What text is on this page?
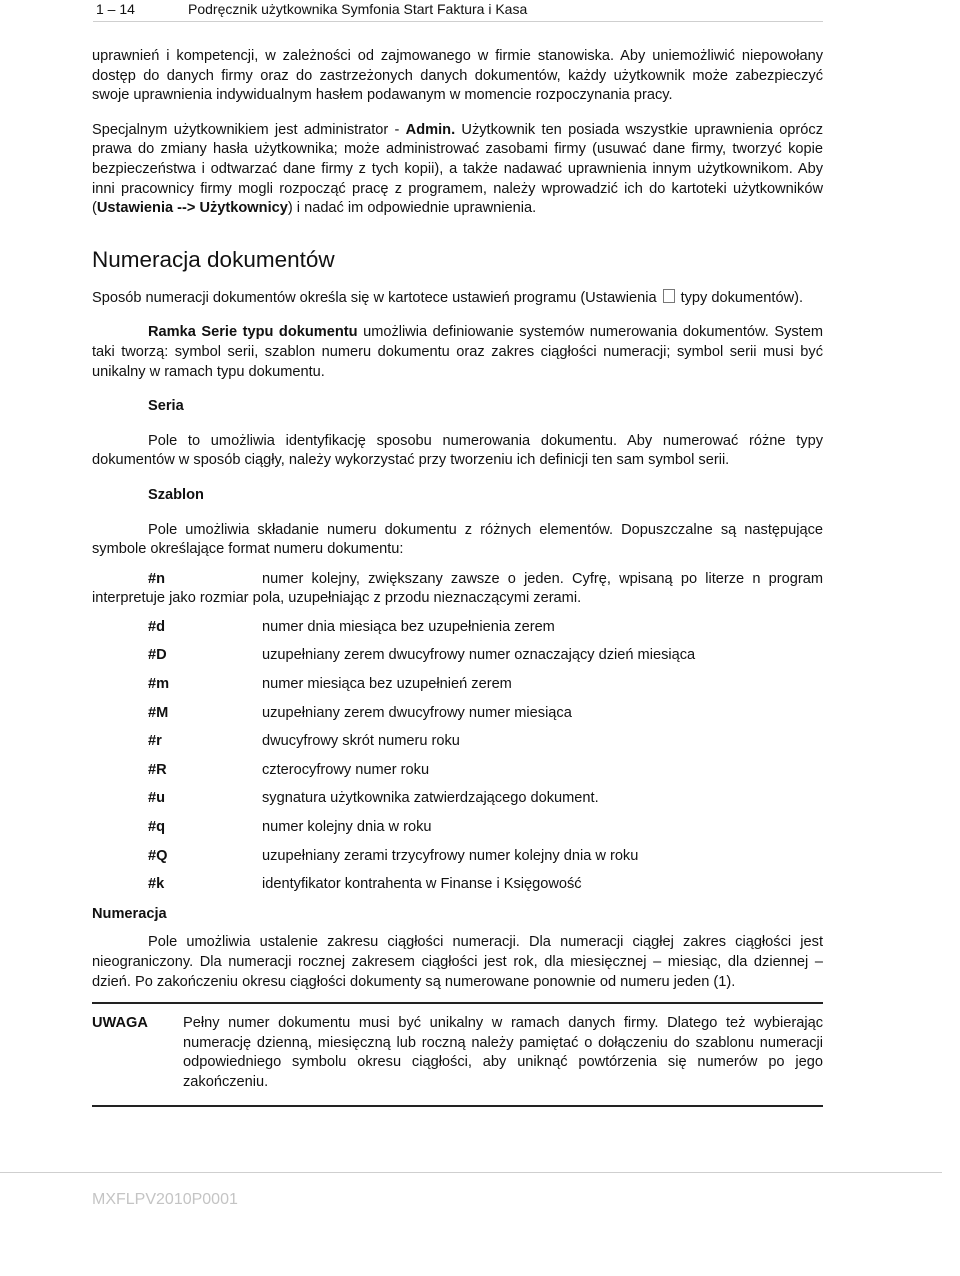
1 – 14	Podręcznik użytkownika Symfonia Start Faktura i Kasa

uprawnień i kompetencji, w zależności od zajmowanego w firmie stanowiska. Aby uniemożliwić niepowołany dostęp do danych firmy oraz do zastrzeżonych danych dokumentów, każdy użytkownik może zabezpieczyć swoje uprawnienia indywidualnym hasłem podawanym w momencie rozpoczynania pracy.

Specjalnym użytkownikiem jest administrator - Admin. Użytkownik ten posiada wszystkie uprawnienia oprócz prawa do zmiany hasła użytkownika; może administrować zasobami firmy (usuwać dane firmy, tworzyć kopie bezpieczeństwa i odtwarzać dane firmy z tych kopii), a także nadawać uprawnienia innym użytkownikom. Aby inni pracownicy firmy mogli rozpocząć pracę z programem, należy wprowadzić ich do kartoteki użytkowników (Ustawienia --> Użytkownicy) i nadać im odpowiednie uprawnienia.

Numeracja dokumentów

Sposób numeracji dokumentów określa się w kartotece ustawień programu (Ustawienia typy dokumentów).

Ramka Serie typu dokumentu umożliwia definiowanie systemów numerowania dokumentów. System taki tworzą: symbol serii, szablon numeru dokumentu oraz zakres ciągłości numeracji; symbol serii musi być unikalny w ramach typu dokumentu.

Seria

Pole to umożliwia identyfikację sposobu numerowania dokumentu. Aby numerować różne typy dokumentów w sposób ciągły, należy wykorzystać przy tworzeniu ich definicji ten sam symbol serii.

Szablon

Pole umożliwia składanie numeru dokumentu z różnych elementów. Dopuszczalne są następujące symbole określające format numeru dokumentu:

#n	numer kolejny, zwiększany zawsze o jeden. Cyfrę, wpisaną po literze n program interpretuje jako rozmiar pola, uzupełniając z przodu nieznaczącymi zerami.

#d	numer dnia miesiąca bez uzupełnienia zerem
#D	uzupełniany zerem dwucyfrowy numer oznaczający dzień miesiąca
#m	numer miesiąca bez uzupełnień zerem
#M	uzupełniany zerem dwucyfrowy numer miesiąca
#r	dwucyfrowy skrót numeru roku
#R	czterocyfrowy numer roku
#u	sygnatura użytkownika zatwierdzającego dokument.
#q	numer kolejny dnia w roku
#Q	uzupełniany zerami trzycyfrowy numer kolejny dnia w roku
#k	identyfikator kontrahenta w Finanse i Księgowość
Numeracja

Pole umożliwia ustalenie zakresu ciągłości numeracji. Dla numeracji ciągłej zakres ciągłości jest nieograniczony. Dla numeracji rocznej zakresem ciągłości jest rok, dla miesięcznej – miesiąc, dla dziennej – dzień. Po zakończeniu okresu ciągłości dokumenty są numerowane ponownie od numeru jeden (1).

UWAGA	Pełny numer dokumentu musi być unikalny w ramach danych firmy. Dlatego też wybierając numerację dzienną, miesięczną lub roczną należy pamiętać o dołączeniu do szablonu numeracji odpowiedniego symbolu okresu ciągłości, aby uniknąć powtórzenia się numerów po jego zakończeniu.
MXFLPV2010P0001
